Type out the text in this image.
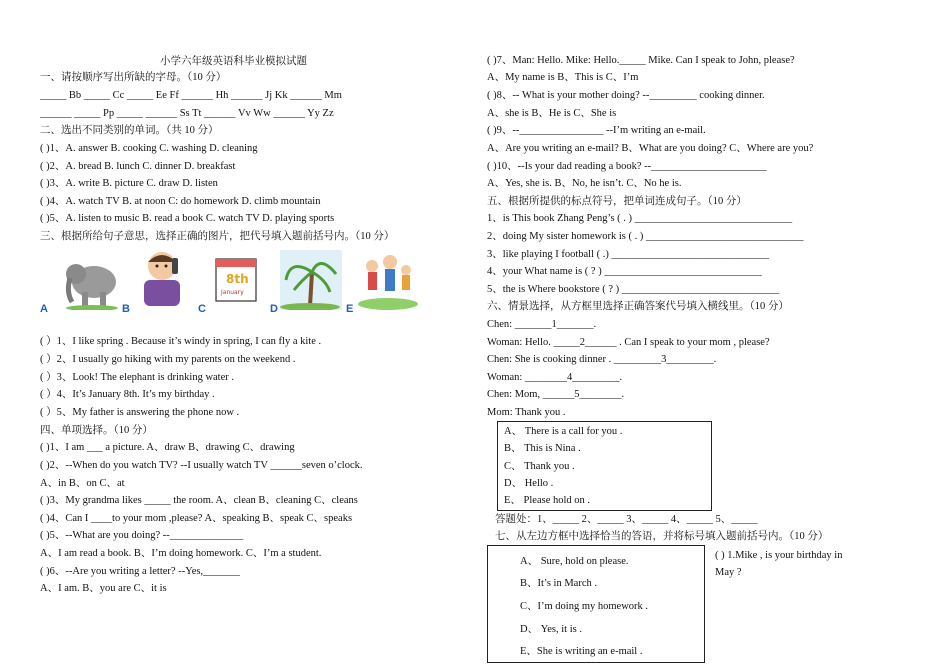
小学六年级英语科毕业模拟试题
一、请按顺序写出所缺的字母。（10 分）
_____ Bb _____ Cc _____ Ee Ff ______ Hh ______ Jj Kk ______ Mm
______ _____ Pp _____ ______ Ss Tt ______ Vv Ww ______ Yy Zz
二、选出不同类别的单词。（共 10 分）
( )1、A. answer B. cooking C. washing D. cleaning
( )2、A. bread B. lunch C. dinner D. breakfast
( )3、A. write B. picture C. draw D. listen
( )4、A. watch TV B. at noon C: do homework D. climb mountain
( )5、A. listen to music B. read a book C. watch TV D. playing sports
三、根据所给句子意思，选择正确的图片，把代号填入题前括号内。（10 分）
A	B
8th
January
C	D	E
( ）1、I like spring . Because it’s windy in spring, I can fly a kite .
( ）2、I usually go hiking with my parents on the weekend .
( ）3、Look! The elephant is drinking water .
( ）4、It’s January 8th. It’s my birthday .
( ）5、My father is answering the phone now .
四、单项选择。（10 分）
( )1、I am ___ a picture. A、draw B、drawing C、drawing
( )2、--When do you watch TV? --I usually watch TV ______seven o’clock.
A、in B、on C、at
( )3、My grandma likes _____ the room. A、clean B、cleaning C、cleans
( )4、Can I ____to your mom ,please? A、speaking B、speak C、speaks
( )5、--What are you doing? --______________
A、I am read a book. B、I’m doing homework. C、I’m a student.
( )6、--Are you writing a letter? --Yes,_______
A、I am. B、you are C、it is
( )7、Man: Hello. Mike: Hello._____ Mike. Can I speak to John, please?
A、My name is B、This is C、I’m
( )8、-- What is your mother doing? --_________ cooking dinner.
A、she is B、He is C、She is
( )9、--________________ --I’m writing an e-mail.
A、Are you writing an e-mail? B、What are you doing? C、Where are you?
( )10、--Is your dad reading a book? --______________________
A、Yes, she is. B、No, he isn’t. C、No he is.
五、根据所提供的标点符号，把单词连成句子。（10 分）
1、is This book Zhang Peng’s ( . ) ______________________________
2、doing My sister homework is ( . ) ______________________________
3、like playing I football ( .) ______________________________
4、your What name is ( ? ) ______________________________
5、the is Where bookstore ( ? ) ______________________________
六、情景选择，从方框里选择正确答案代号填入横线里。（10 分）
Chen: _______1_______.
Woman: Hello. _____2______ . Can I speak to your mom , please?
Chen: She is cooking dinner . _________3_________.
Woman: ________4_________.
Chen: Mom, ______5________.
Mom: Thank you .
A、 There is a call for you .
B、 This is Nina .
C、 Thank you .
D、 Hello .
E、 Please hold on .
答题处：1、_____ 2、_____ 3、_____ 4、_____ 5、_____
七、从左边方框中选择恰当的答语，并将标号填入题前括号内。（10 分）
A、 Sure, hold on please.
B、It’s in March .
C、I’m doing my homework .
D、 Yes, it is .
E、She is writing an e-mail .
( ) 1.Mike , is your birthday in
May ?
